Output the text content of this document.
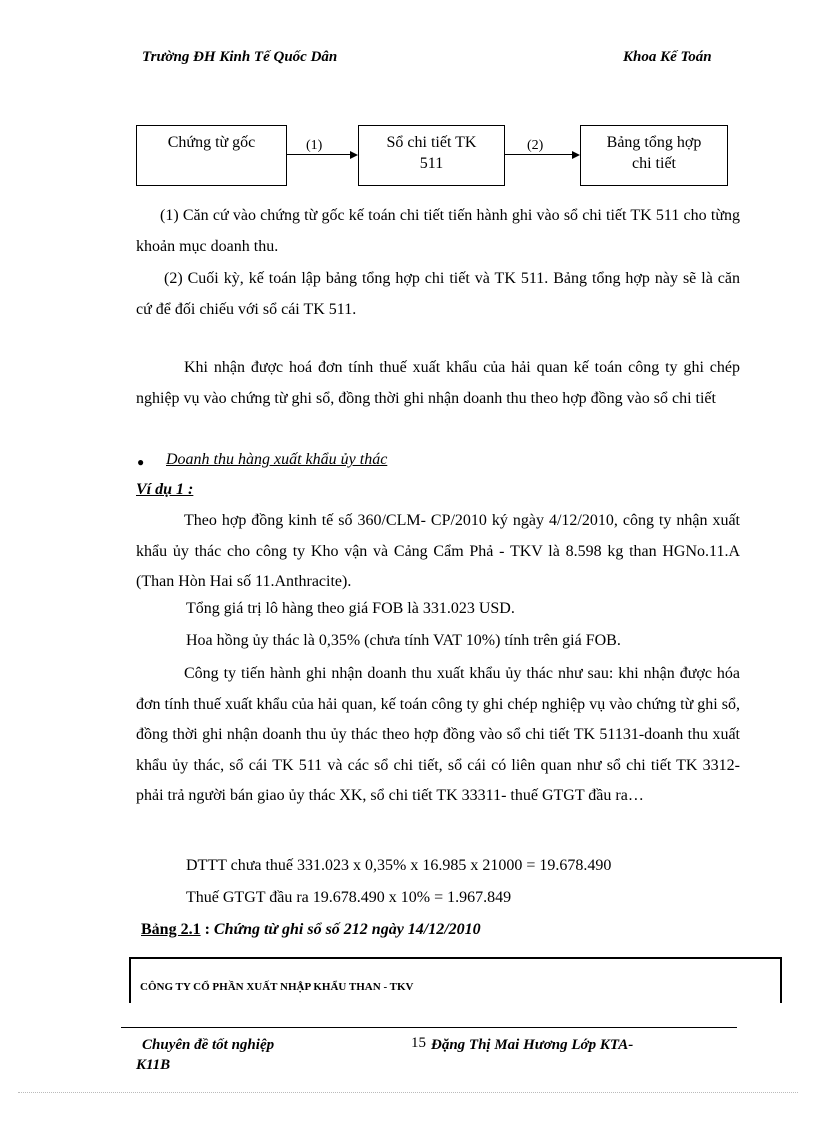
Trường ĐH Kinh Tế Quốc Dân	Khoa Kế Toán
Chứng từ gốc	(1)	Sổ chi tiết TK
511
(2)	Bảng tổng hợp
chi tiết
(1) Căn cứ vào chứng từ gốc kế toán chi tiết tiến hành ghi vào sổ chi tiết TK 511 cho từng khoản mục doanh thu.
(2) Cuối kỳ, kế toán lập bảng tổng hợp chi tiết và TK 511. Bảng tổng hợp này sẽ là căn cứ để đối chiếu với sổ cái TK 511.
Khi nhận được hoá đơn tính thuế xuất khẩu của hải quan kế toán công ty ghi chép nghiệp vụ vào chứng từ ghi sổ, đồng thời ghi nhận doanh thu theo hợp đồng vào sổ chi tiết
● Doanh thu hàng xuất khẩu ủy thác
Ví dụ 1 :
Theo hợp đồng kinh tế số 360/CLM- CP/2010 ký ngày 4/12/2010, công ty nhận xuất khẩu ủy thác cho công ty Kho vận và Cảng Cẩm Phả - TKV là 8.598 kg than HGNo.11.A (Than Hòn Hai số 11.Anthracite).
Tổng giá trị lô hàng theo giá FOB là 331.023 USD.
Hoa hồng ủy thác là 0,35% (chưa tính VAT 10%) tính trên giá FOB.
Công ty tiến hành ghi nhận doanh thu xuất khẩu ủy thác như sau: khi nhận được hóa đơn tính thuế xuất khẩu của hải quan, kế toán công ty ghi chép nghiệp vụ vào chứng từ ghi sổ, đồng thời ghi nhận doanh thu ủy thác theo hợp đồng vào sổ chi tiết TK 51131-doanh thu xuất khẩu ủy thác, sổ cái TK 511 và các sổ chi tiết, sổ cái có liên quan như sổ chi tiết TK 3312- phải trả người bán giao ủy thác XK, sổ chi tiết TK 33311- thuế GTGT đầu ra…
DTTT chưa thuế 331.023 x 0,35% x 16.985 x 21000 = 19.678.490
Thuế GTGT đầu ra 19.678.490 x 10% = 1.967.849
Bảng 2.1 : Chứng từ ghi sổ số 212 ngày 14/12/2010
CÔNG TY CỔ PHẦN XUẤT NHẬP KHẨU THAN - TKV
Chuyên đề tốt nghiệp	15 Đặng Thị Mai Hương Lớp KTA-
K11B
